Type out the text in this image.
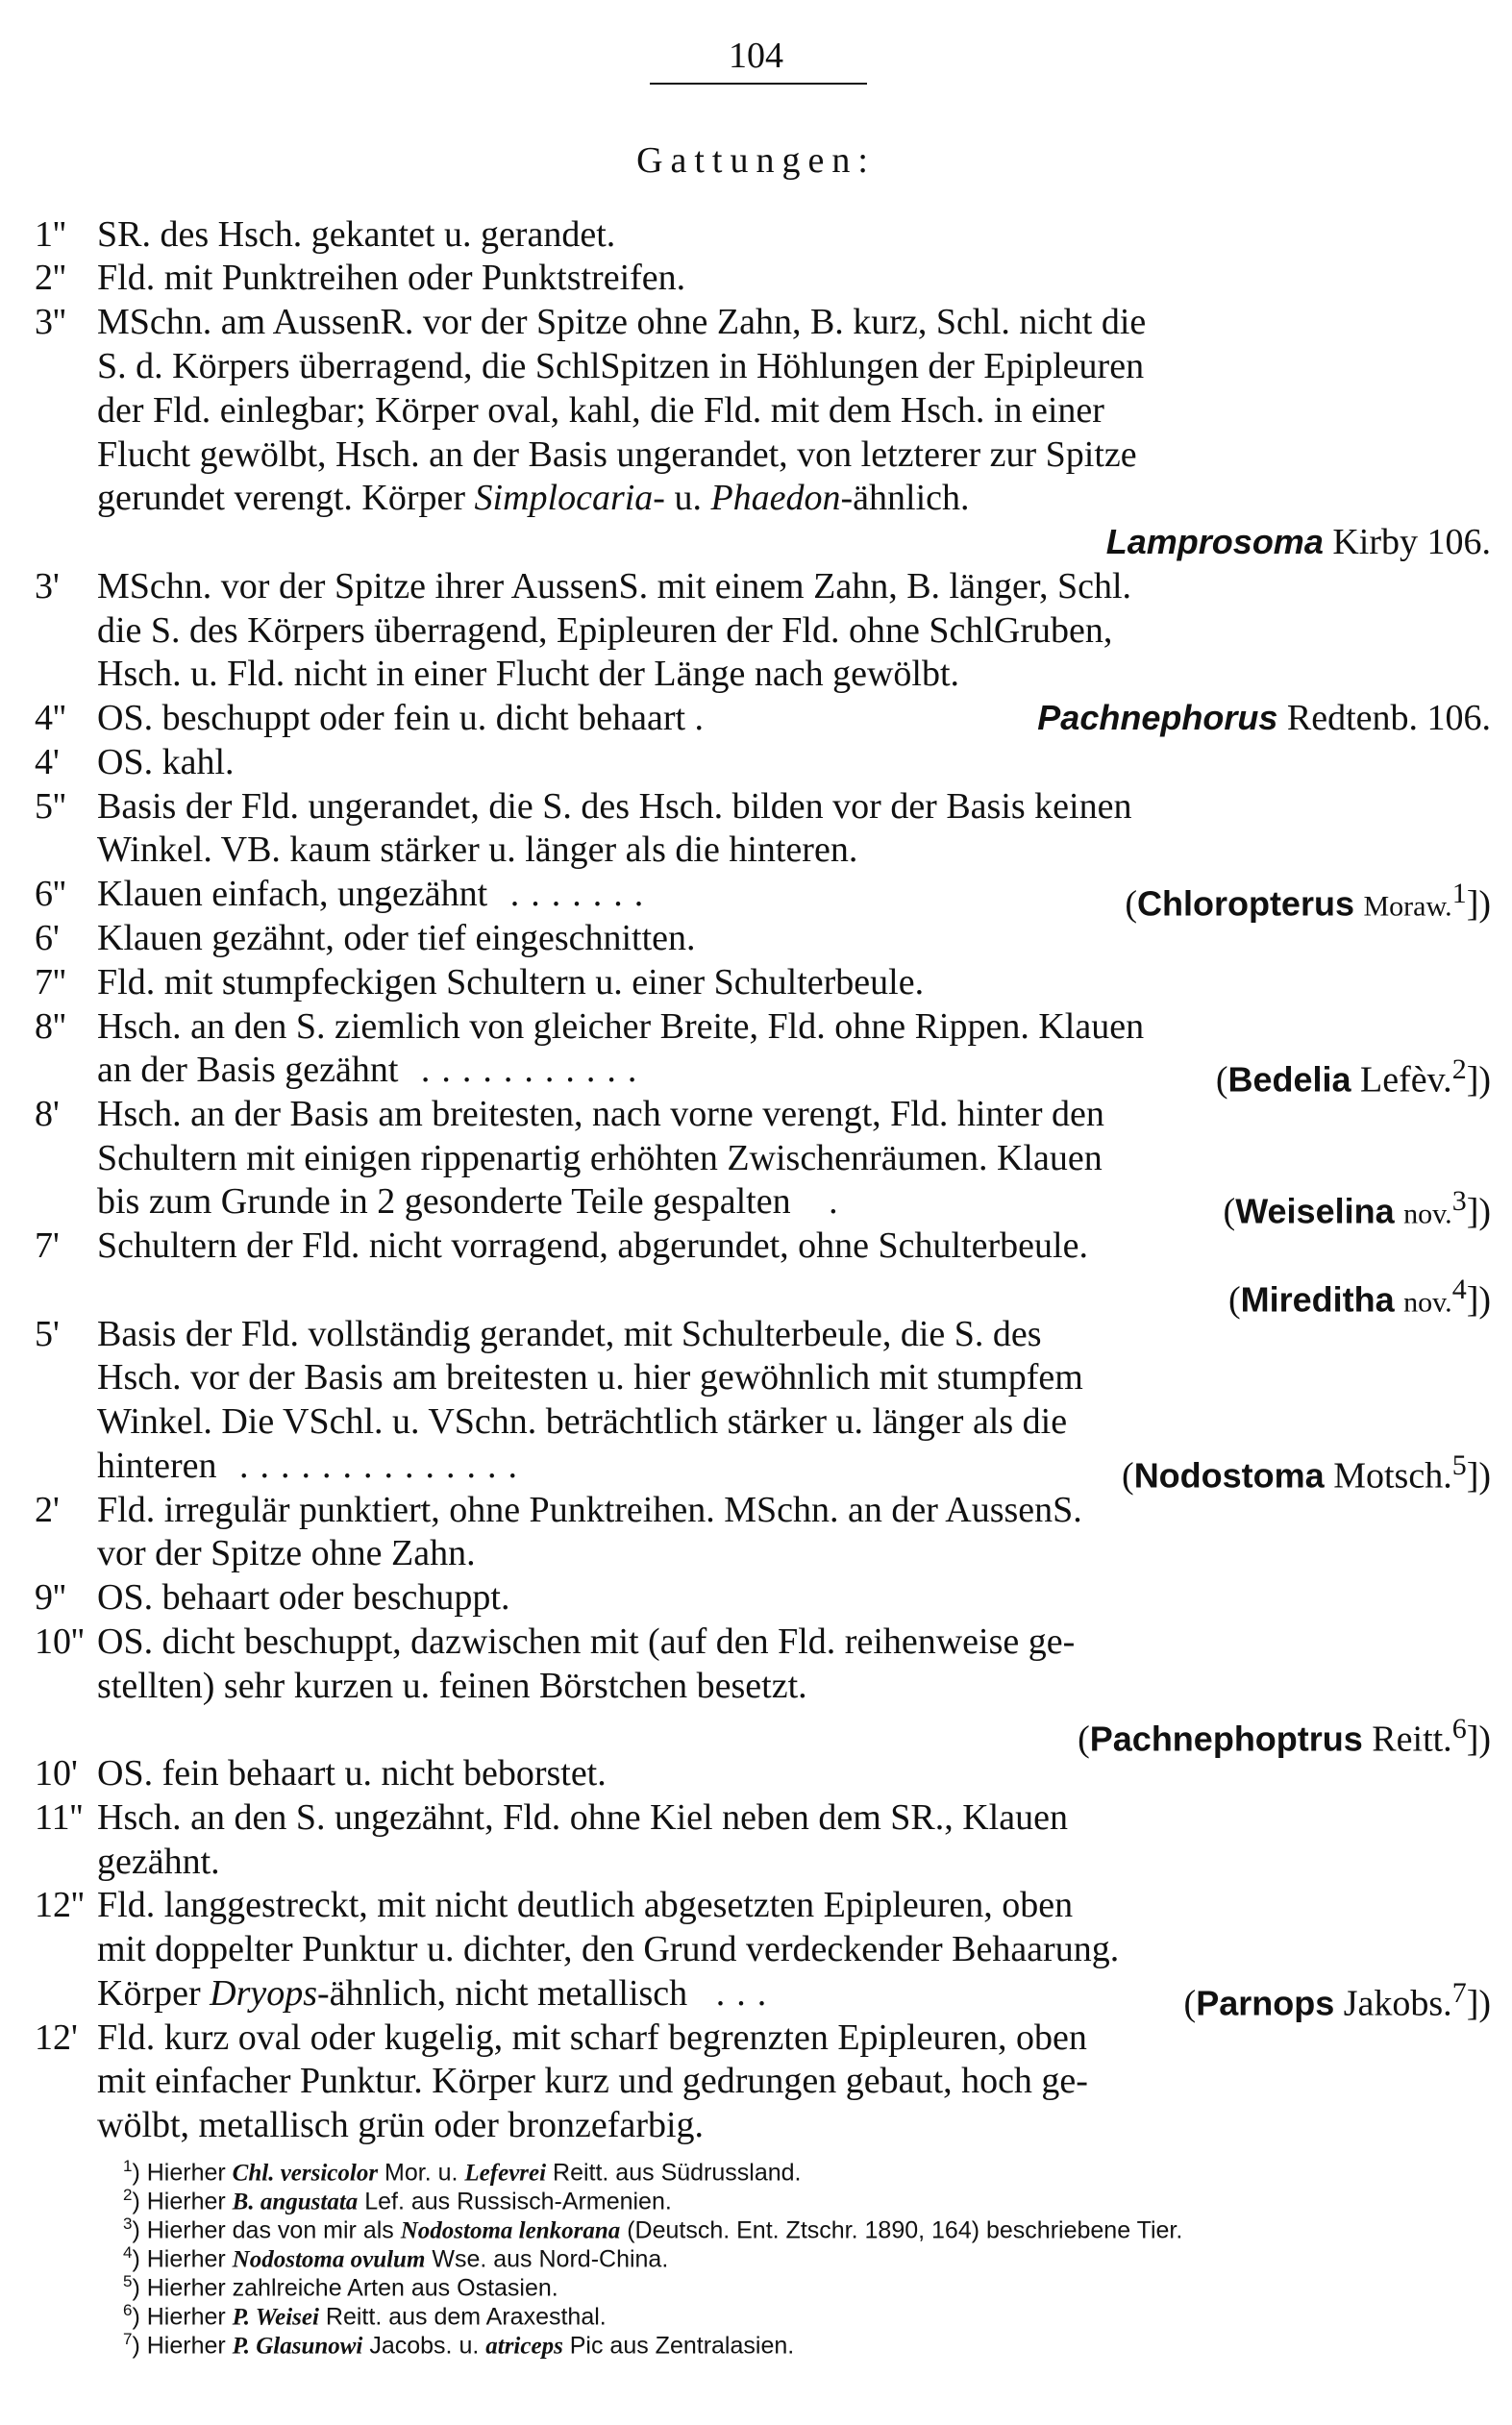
104
Gattungen:
1'' SR. des Hsch. gekantet u. gerandet.
2'' Fld. mit Punktreihen oder Punktstreifen.
3'' MSchn. am AussenR. vor der Spitze ohne Zahn, B. kurz, Schl. nicht die
S. d. Körpers überragend, die SchlSpitzen in Höhlungen der Epipleuren
der Fld. einlegbar; Körper oval, kahl, die Fld. mit dem Hsch. in einer
Flucht gewölbt, Hsch. an der Basis ungerandet, von letzterer zur Spitze
gerundet verengt. Körper Simplocaria- u. Phaedon-ähnlich.
Lamprosoma Kirby 106.
3' MSchn. vor der Spitze ihrer AussenS. mit einem Zahn, B. länger, Schl.
die S. des Körpers überragend, Epipleuren der Fld. ohne SchlGruben,
Hsch. u. Fld. nicht in einer Flucht der Länge nach gewölbt.
4'' OS. beschuppt oder fein u. dicht behaart .	Pachnephorus Redtenb. 106.
4' OS. kahl.
5'' Basis der Fld. ungerandet, die S. des Hsch. bilden vor der Basis keinen
Winkel. VB. kaum stärker u. länger als die hinteren.
6'' Klauen einfach, ungezähnt .......	(Chloropterus Moraw.$^1$])
6' Klauen gezähnt, oder tief eingeschnitten.
7'' Fld. mit stumpfeckigen Schultern u. einer Schulterbeule.
8'' Hsch. an den S. ziemlich von gleicher Breite, Fld. ohne Rippen. Klauen
an der Basis gezähnt ...........	(Bedelia Lefèv.$^2$])
8' Hsch. an der Basis am breitesten, nach vorne verengt, Fld. hinter den
Schultern mit einigen rippenartig erhöhten Zwischenräumen. Klauen
bis zum Grunde in 2 gesonderte Teile gespalten .	(Weiselina nov.$^3$])
7' Schultern der Fld. nicht vorragend, abgerundet, ohne Schulterbeule.
(Mireditha nov.$^4$])
5' Basis der Fld. vollständig gerandet, mit Schulterbeule, die S. des
Hsch. vor der Basis am breitesten u. hier gewöhnlich mit stumpfem
Winkel. Die VSchl. u. VSchn. beträchtlich stärker u. länger als die
hinteren ..............	(Nodostoma Motsch.$^5$])
2' Fld. irregulär punktiert, ohne Punktreihen. MSchn. an der AussenS.
vor der Spitze ohne Zahn.
9'' OS. behaart oder beschuppt.
10'' OS. dicht beschuppt, dazwischen mit (auf den Fld. reihenweise ge-
stellten) sehr kurzen u. feinen Börstchen besetzt.
(Pachnephoptrus Reitt.$^6$])
10' OS. fein behaart u. nicht beborstet.
11'' Hsch. an den S. ungezähnt, Fld. ohne Kiel neben dem SR., Klauen
gezähnt.
12'' Fld. langgestreckt, mit nicht deutlich abgesetzten Epipleuren, oben
mit doppelter Punktur u. dichter, den Grund verdeckender Behaarung.
Körper Dryops-ähnlich, nicht metallisch ...	(Parnops Jakobs.$^7$])
12' Fld. kurz oval oder kugelig, mit scharf begrenzten Epipleuren, oben
mit einfacher Punktur. Körper kurz und gedrungen gebaut, hoch ge-
wölbt, metallisch grün oder bronzefarbig.
$^1$) Hierher Chl. versicolor Mor. u. Lefevrei Reitt. aus Südrussland.
$^2$) Hierher B. angustata Lef. aus Russisch-Armenien.
$^3$) Hierher das von mir als Nodostoma lenkorana (Deutsch. Ent. Ztschr. 1890, 164) beschriebene Tier.
$^4$) Hierher Nodostoma ovulum Wse. aus Nord-China.
$^5$) Hierher zahlreiche Arten aus Ostasien.
$^6$) Hierher P. Weisei Reitt. aus dem Araxesthal.
$^7$) Hierher P. Glasunowi Jacobs. u. atriceps Pic aus Zentralasien.
